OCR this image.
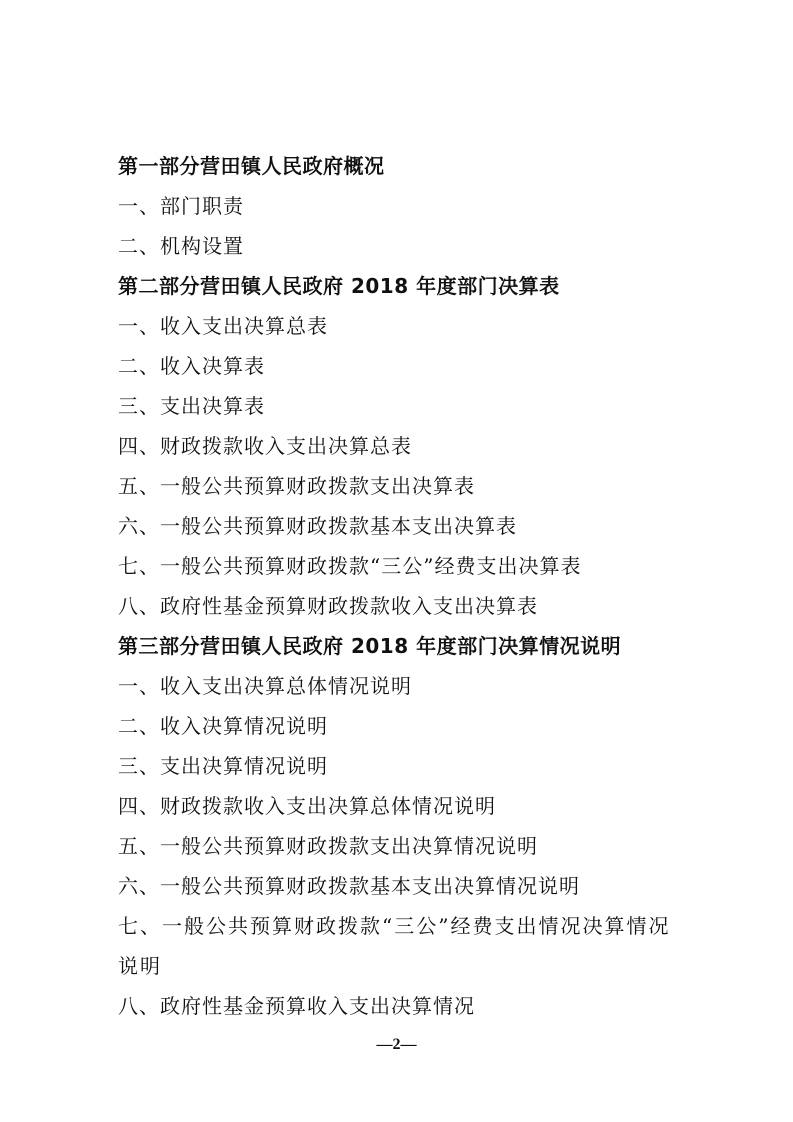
第一部分营田镇人民政府概况
一、部门职责
二、机构设置
第二部分营田镇人民政府 2018 年度部门决算表
一、收入支出决算总表
二、收入决算表
三、支出决算表
四、财政拨款收入支出决算总表
五、一般公共预算财政拨款支出决算表
六、一般公共预算财政拨款基本支出决算表
七、一般公共预算财政拨款“三公”经费支出决算表
八、政府性基金预算财政拨款收入支出决算表
第三部分营田镇人民政府 2018 年度部门决算情况说明
一、收入支出决算总体情况说明
二、收入决算情况说明
三、支出决算情况说明
四、财政拨款收入支出决算总体情况说明
五、一般公共预算财政拨款支出决算情况说明
六、一般公共预算财政拨款基本支出决算情况说明
七、一般公共预算财政拨款“三公”经费支出情况决算情况说明
八、政府性基金预算收入支出决算情况
—2—
